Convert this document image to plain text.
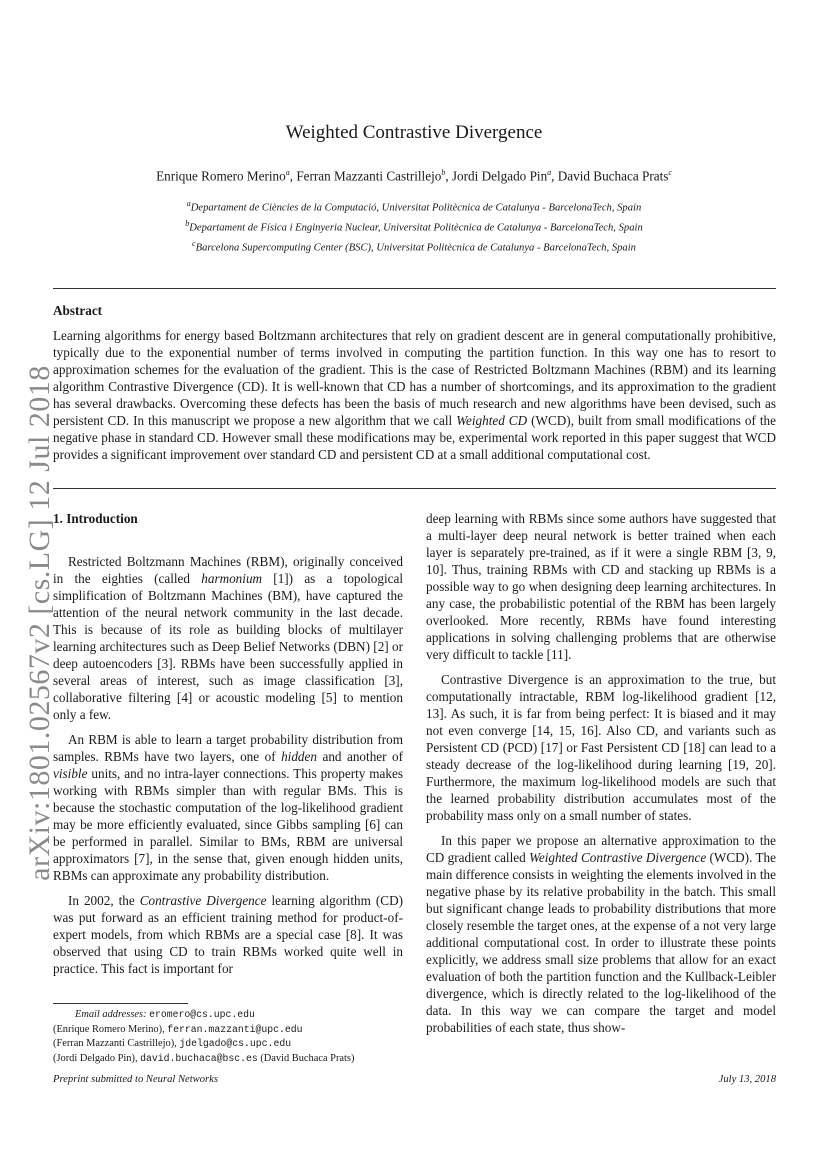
arXiv:1801.02567v2 [cs.LG] 12 Jul 2018
Weighted Contrastive Divergence
Enrique Romero Merino$^a$, Ferran Mazzanti Castrillejo$^b$, Jordi Delgado Pin$^a$, David Buchaca Prats$^c$
$^a$Departament de Ciències de la Computació, Universitat Politècnica de Catalunya - BarcelonaTech, Spain
$^b$Departament de Física i Enginyeria Nuclear, Universitat Politècnica de Catalunya - BarcelonaTech, Spain
$^c$Barcelona Supercomputing Center (BSC), Universitat Politècnica de Catalunya - BarcelonaTech, Spain
Abstract
Learning algorithms for energy based Boltzmann architectures that rely on gradient descent are in general computationally prohibitive, typically due to the exponential number of terms involved in computing the partition function. In this way one has to resort to approximation schemes for the evaluation of the gradient. This is the case of Restricted Boltzmann Machines (RBM) and its learning algorithm Contrastive Divergence (CD). It is well-known that CD has a number of shortcomings, and its approximation to the gradient has several drawbacks. Overcoming these defects has been the basis of much research and new algorithms have been devised, such as persistent CD. In this manuscript we propose a new algorithm that we call Weighted CD (WCD), built from small modifications of the negative phase in standard CD. However small these modifications may be, experimental work reported in this paper suggest that WCD provides a significant improvement over standard CD and persistent CD at a small additional computational cost.
1. Introduction

Restricted Boltzmann Machines (RBM), originally conceived in the eighties (called harmonium [1]) as a topological simplification of Boltzmann Machines (BM), have captured the attention of the neural network community in the last decade. This is because of its role as building blocks of multilayer learning architectures such as Deep Belief Networks (DBN) [2] or deep autoencoders [3]. RBMs have been successfully applied in several areas of interest, such as image classification [3], collaborative filtering [4] or acoustic modeling [5] to mention only a few.

An RBM is able to learn a target probability distribution from samples. RBMs have two layers, one of hidden and another of visible units, and no intra-layer connections. This property makes working with RBMs simpler than with regular BMs. This is because the stochastic computation of the log-likelihood gradient may be more efficiently evaluated, since Gibbs sampling [6] can be performed in parallel. Similar to BMs, RBM are universal approximators [7], in the sense that, given enough hidden units, RBMs can approximate any probability distribution.

In 2002, the Contrastive Divergence learning algorithm (CD) was put forward as an efficient training method for product-of-expert models, from which RBMs are a special case [8]. It was observed that using CD to train RBMs worked quite well in practice. This fact is important for

deep learning with RBMs since some authors have suggested that a multi-layer deep neural network is better trained when each layer is separately pre-trained, as if it were a single RBM [3, 9, 10]. Thus, training RBMs with CD and stacking up RBMs is a possible way to go when designing deep learning architectures. In any case, the probabilistic potential of the RBM has been largely overlooked. More recently, RBMs have found interesting applications in solving challenging problems that are otherwise very difficult to tackle [11].

Contrastive Divergence is an approximation to the true, but computationally intractable, RBM log-likelihood gradient [12, 13]. As such, it is far from being perfect: It is biased and it may not even converge [14, 15, 16]. Also CD, and variants such as Persistent CD (PCD) [17] or Fast Persistent CD [18] can lead to a steady decrease of the log-likelihood during learning [19, 20]. Furthermore, the maximum log-likelihood models are such that the learned probability distribution accumulates most of the probability mass only on a small number of states.

In this paper we propose an alternative approximation to the CD gradient called Weighted Contrastive Divergence (WCD). The main difference consists in weighting the elements involved in the negative phase by its relative probability in the batch. This small but significant change leads to probability distributions that more closely resemble the target ones, at the expense of a not very large additional computational cost. In order to illustrate these points explicitly, we address small size problems that allow for an exact evaluation of both the partition function and the Kullback-Leibler divergence, which is directly related to the log-likelihood of the data. In this way we can compare the target and model probabilities of each state, thus show-

Email addresses: eromero@cs.upc.edu
(Enrique Romero Merino), ferran.mazzanti@upc.edu
(Ferran Mazzanti Castrillejo), jdelgado@cs.upc.edu
(Jordi Delgado Pin), david.buchaca@bsc.es (David Buchaca Prats)
Preprint submitted to Neural Networks	July 13, 2018
